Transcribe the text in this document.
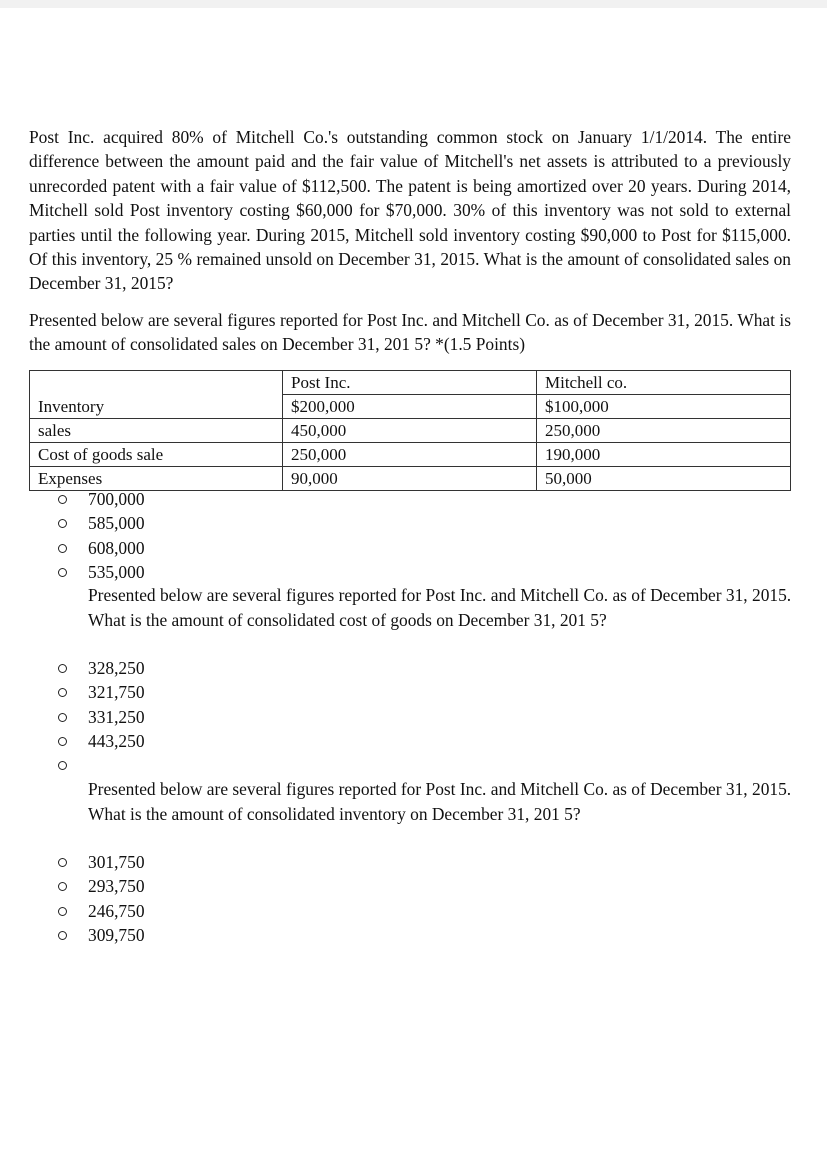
Post Inc. acquired 80% of Mitchell Co.'s outstanding common stock on January 1/1/2014. The entire difference between the amount paid and the fair value of Mitchell's net assets is attributed to a previously unrecorded patent with a fair value of $112,500. The patent is being amortized over 20 years. During 2014, Mitchell sold Post inventory costing $60,000 for $70,000. 30% of this inventory was not sold to external parties until the following year. During 2015, Mitchell sold inventory costing $90,000 to Post for $115,000. Of this inventory, 25 % remained unsold on December 31, 2015. What is the amount of consolidated sales on December 31, 2015?

Presented below are several figures reported for Post Inc. and Mitchell Co. as of December 31, 2015. What is the amount of consolidated sales on December 31, 201 5? *(1.5 Points)

	Post Inc.	Mitchell co.
Inventory	$200,000	$100,000
sales	450,000	250,000
Cost of goods sale	250,000	190,000
Expenses	90,000	50,000
700,000
585,000
608,000
535,000

Presented below are several figures reported for Post Inc. and Mitchell Co. as of December 31, 2015. What is the amount of consolidated cost of goods on December 31, 201 5?

328,250
321,750
331,250
443,250

Presented below are several figures reported for Post Inc. and Mitchell Co. as of December 31, 2015. What is the amount of consolidated inventory on December 31, 201 5?

301,750
293,750
246,750
309,750
